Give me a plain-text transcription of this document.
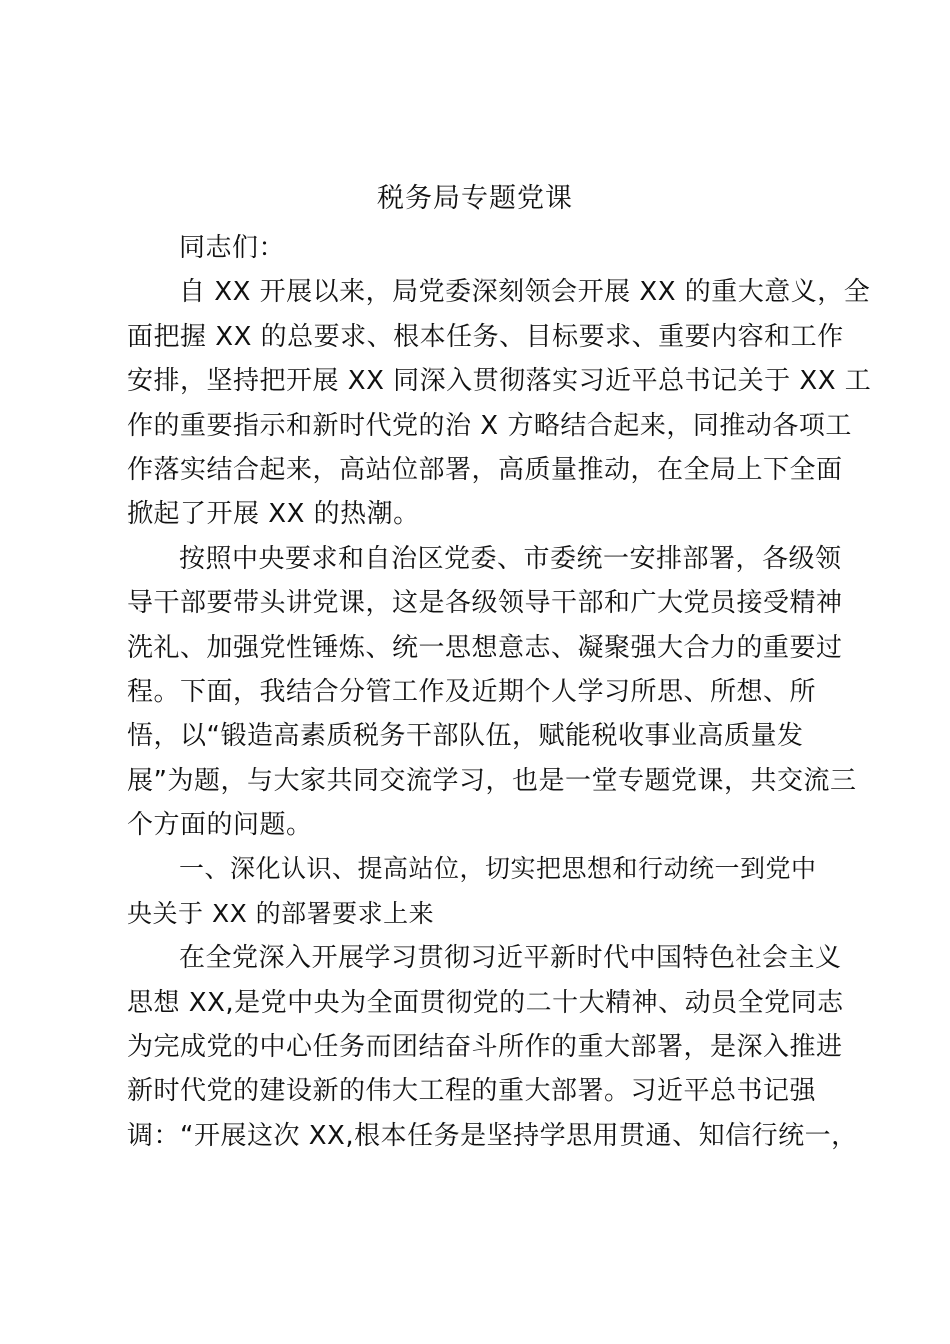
税务局专题党课
同志们：
自 XX 开展以来，局党委深刻领会开展 XX 的重大意义，全
面把握 XX 的总要求、根本任务、目标要求、重要内容和工作
安排，坚持把开展 XX 同深入贯彻落实习近平总书记关于 XX 工
作的重要指示和新时代党的治 X 方略结合起来，同推动各项工
作落实结合起来，高站位部署，高质量推动，在全局上下全面
掀起了开展 XX 的热潮。
按照中央要求和自治区党委、市委统一安排部署，各级领
导干部要带头讲党课，这是各级领导干部和广大党员接受精神
洗礼、加强党性锤炼、统一思想意志、凝聚强大合力的重要过
程。下面，我结合分管工作及近期个人学习所思、所想、所
悟，以“锻造高素质税务干部队伍，赋能税收事业高质量发
展”为题，与大家共同交流学习，也是一堂专题党课，共交流三
个方面的问题。
一、深化认识、提高站位，切实把思想和行动统一到党中
央关于 XX 的部署要求上来
在全党深入开展学习贯彻习近平新时代中国特色社会主义
思想 XX,是党中央为全面贯彻党的二十大精神、动员全党同志
为完成党的中心任务而团结奋斗所作的重大部署，是深入推进
新时代党的建设新的伟大工程的重大部署。习近平总书记强
调：“开展这次 XX,根本任务是坚持学思用贯通、知信行统一，
